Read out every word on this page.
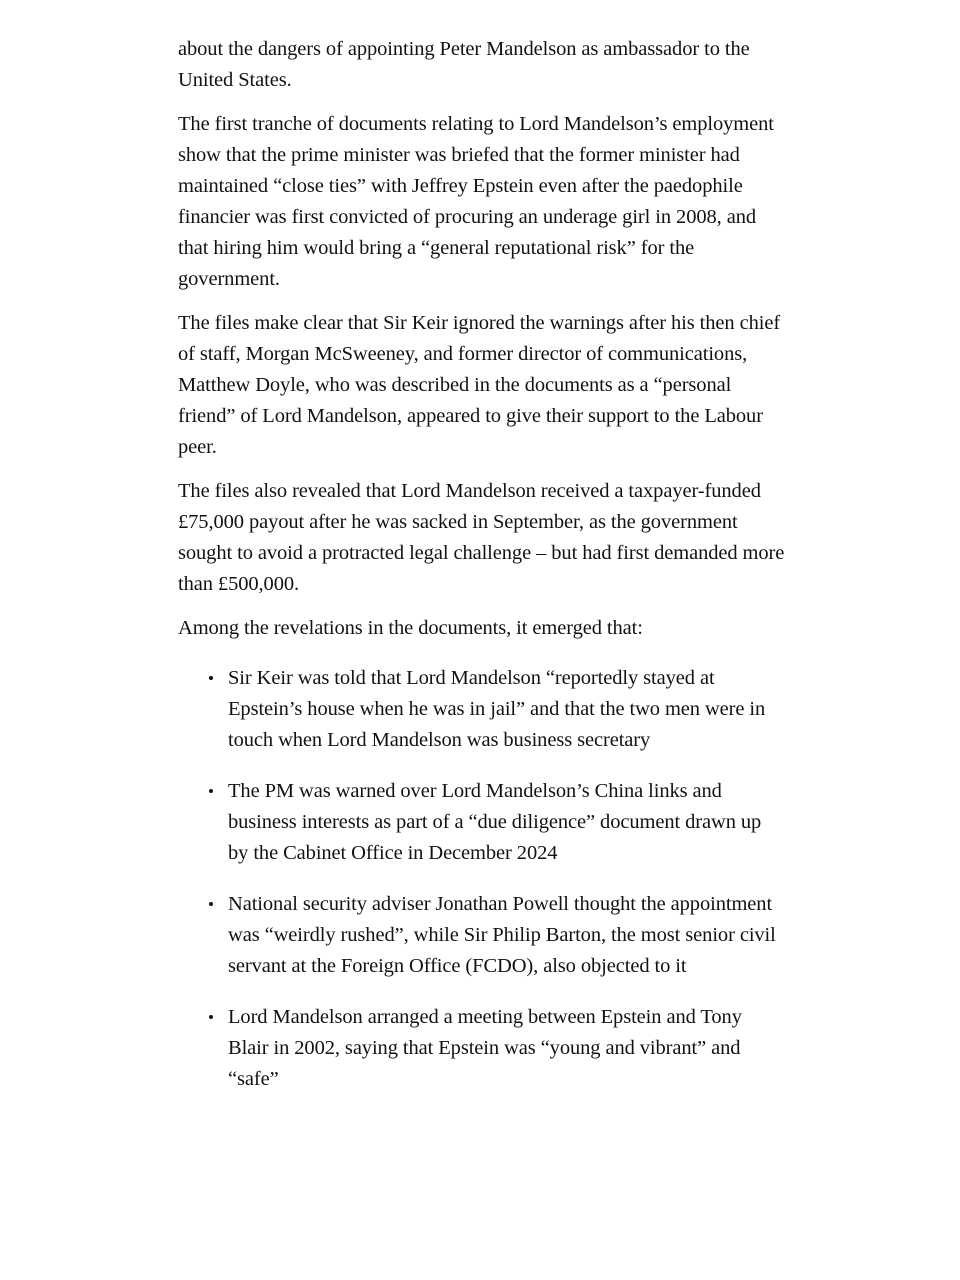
about the dangers of appointing Peter Mandelson as ambassador to the United States.

The first tranche of documents relating to Lord Mandelson’s employment show that the prime minister was briefed that the former minister had maintained “close ties” with Jeffrey Epstein even after the paedophile financier was first convicted of procuring an underage girl in 2008, and that hiring him would bring a “general reputational risk” for the government.

The files make clear that Sir Keir ignored the warnings after his then chief of staff, Morgan McSweeney, and former director of communications, Matthew Doyle, who was described in the documents as a “personal friend” of Lord Mandelson, appeared to give their support to the Labour peer.

The files also revealed that Lord Mandelson received a taxpayer-funded £75,000 payout after he was sacked in September, as the government sought to avoid a protracted legal challenge – but had first demanded more than £500,000.

Among the revelations in the documents, it emerged that:

Sir Keir was told that Lord Mandelson “reportedly stayed at Epstein’s house when he was in jail” and that the two men were in touch when Lord Mandelson was business secretary
The PM was warned over Lord Mandelson’s China links and business interests as part of a “due diligence” document drawn up by the Cabinet Office in December 2024
National security adviser Jonathan Powell thought the appointment was “weirdly rushed”, while Sir Philip Barton, the most senior civil servant at the Foreign Office (FCDO), also objected to it
Lord Mandelson arranged a meeting between Epstein and Tony Blair in 2002, saying that Epstein was “young and vibrant” and “safe”
